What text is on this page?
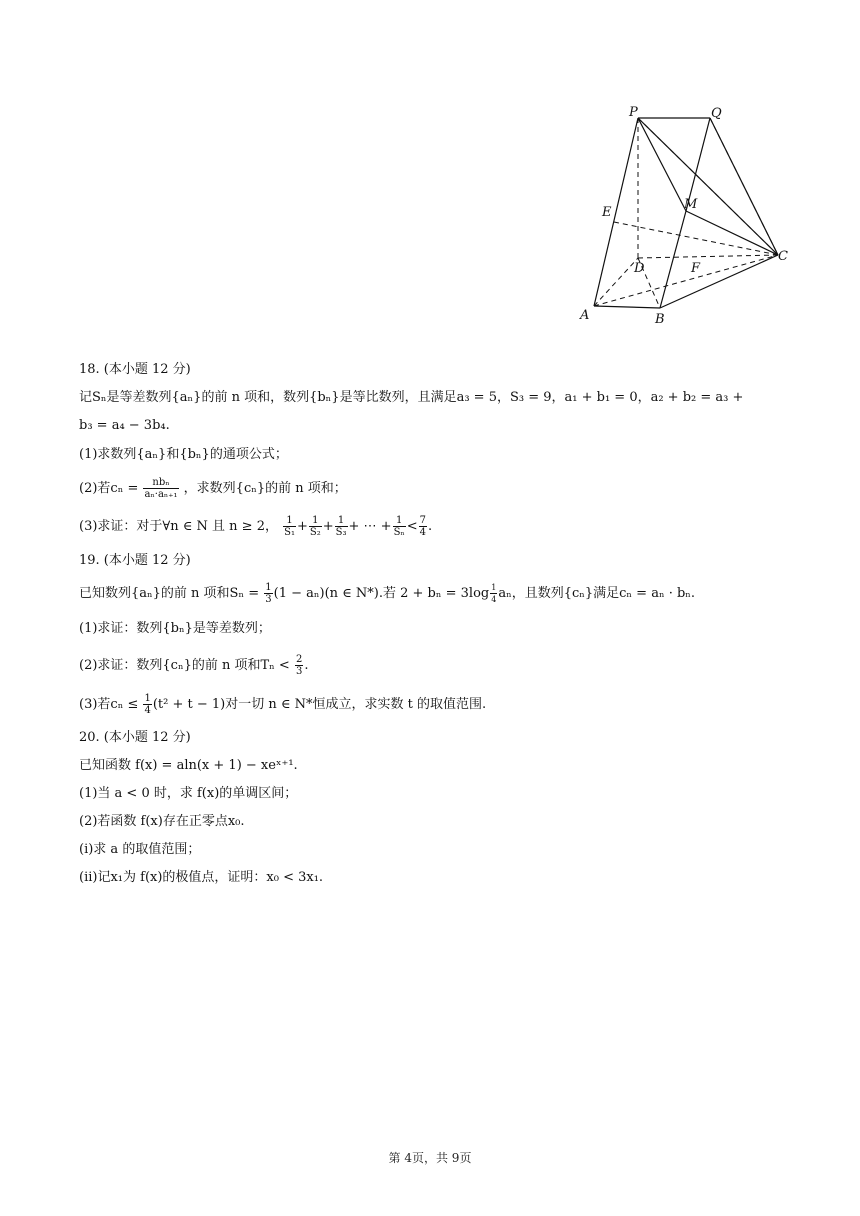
P	Q
E
M
D	F
C
A	B

18. (本小题 12 分)

记Sₙ是等差数列{aₙ}的前 n 项和，数列{bₙ}是等比数列，且满足a₃ = 5，S₃ = 9，a₁ + b₁ = 0，a₂ + b₂ = a₃ +

b₃ = a₄ − 3b₄.

(1)求数列{aₙ}和{bₙ}的通项公式；

(2)若$c_n = \frac{\text{nbₙ}}{\text{aₙ·aₙ₊₁}}$ ，求数列{cₙ}的前 n 项和；

(3)求证：对于∀n ∈ N 且 n ≥ 2， $\frac{1}{\text{S₁}} + \frac{1}{\text{S₂}} + \frac{1}{\text{S₃}}$ + ⋯ + $\frac{1}{\text{Sₙ}} < \frac{7}{4}$ .

19. (本小题 12 分)

已知数列{aₙ}的前 n 项和$S_n = \frac{1}{3} (1 - a_n)(n$ ∈ N*).若 $2 + b_n = 3\log \frac{1}{4}$ aₙ，且数列{cₙ}满足cₙ = aₙ · bₙ.

(1)求证：数列{bₙ}是等差数列；

(2)求证：数列{cₙ}的前 n 项和$T_n < \frac{2}{3}$ .

(3)若$c_n \le \frac{1}{4} (t^2 + t - 1)$对一切 n ∈ N*恒成立，求实数 t 的取值范围.

20. (本小题 12 分)

已知函数 f(x) = aln(x + 1) − xeˣ⁺¹.

(1)当 a < 0 时，求 f(x)的单调区间；

(2)若函数 f(x)存在正零点x₀.

(i)求 a 的取值范围；

(ii)记x₁为 f(x)的极值点，证明：x₀ < 3x₁.

第 4页，共 9页
